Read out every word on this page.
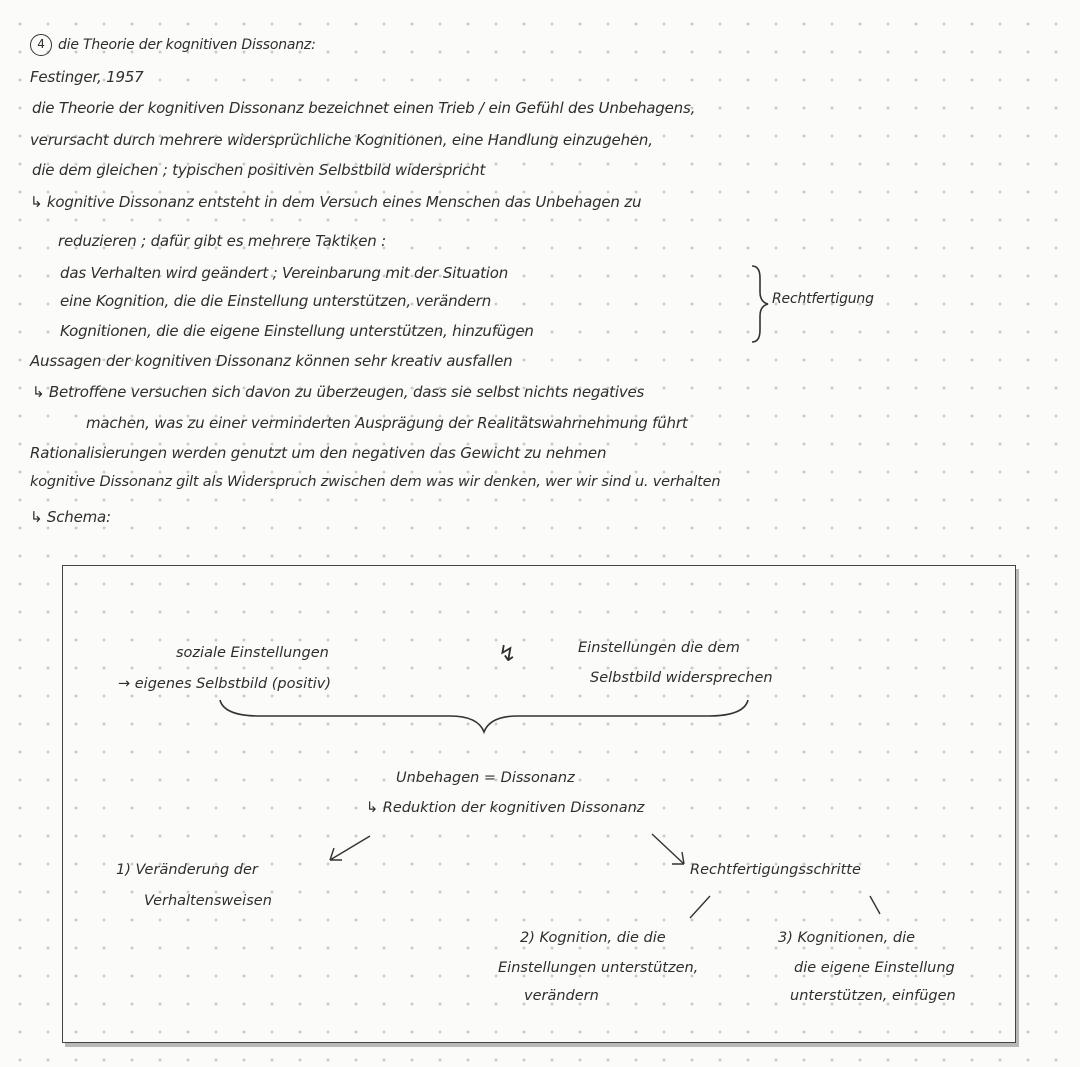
4 die Theorie der kognitiven Dissonanz:
Festinger, 1957
die Theorie der kognitiven Dissonanz bezeichnet einen Trieb / ein Gefühl des Unbehagens,
verursacht durch mehrere widersprüchliche Kognitionen, eine Handlung einzugehen,
die dem gleichen ; typischen positiven Selbstbild widerspricht
↳ kognitive Dissonanz entsteht in dem Versuch eines Menschen das Unbehagen zu
reduzieren ; dafür gibt es mehrere Taktiken :
das Verhalten wird geändert ; Vereinbarung mit der Situation
eine Kognition, die die Einstellung unterstützen, verändern
Kognitionen, die die eigene Einstellung unterstützen, hinzufügen
Rechtfertigung
Aussagen der kognitiven Dissonanz können sehr kreativ ausfallen
↳ Betroffene versuchen sich davon zu überzeugen, dass sie selbst nichts negatives
machen, was zu einer verminderten Ausprägung der Realitätswahrnehmung führt
Rationalisierungen werden genutzt um den negativen das Gewicht zu nehmen
kognitive Dissonanz gilt als Widerspruch zwischen dem was wir denken, wer wir sind u. verhalten
↳ Schema:
soziale Einstellungen
→ eigenes Selbstbild (positiv)
↯	Einstellungen die dem
Selbstbild widersprechen
Unbehagen = Dissonanz
↳ Reduktion der kognitiven Dissonanz
1) Veränderung der
Verhaltensweisen
Rechtfertigungsschritte
2) Kognition, die die
Einstellungen unterstützen,
verändern
3) Kognitionen, die
die eigene Einstellung
unterstützen, einfügen
